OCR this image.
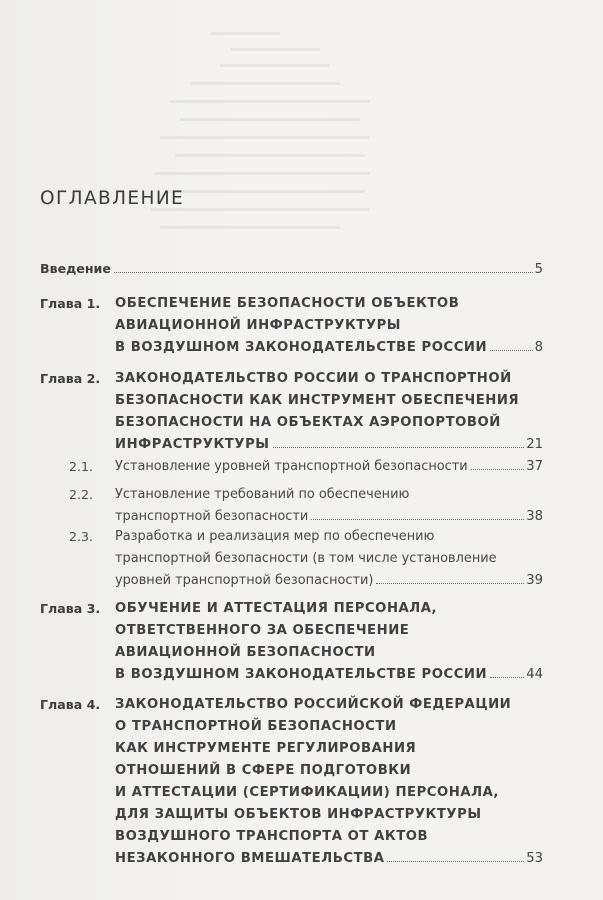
ОГЛАВЛЕНИЕ
Введение	5
Глава 1. ОБЕСПЕЧЕНИЕ БЕЗОПАСНОСТИ ОБЪЕКТОВ
АВИАЦИОННОЙ ИНФРАСТРУКТУРЫ
В ВОЗДУШНОМ ЗАКОНОДАТЕЛЬСТВЕ РОССИИ	8
Глава 2. ЗАКОНОДАТЕЛЬСТВО РОССИИ О ТРАНСПОРТНОЙ
БЕЗОПАСНОСТИ КАК ИНСТРУМЕНТ ОБЕСПЕЧЕНИЯ
БЕЗОПАСНОСТИ НА ОБЪЕКТАХ АЭРОПОРТОВОЙ
ИНФРАСТРУКТУРЫ	21
2.1. Установление уровней транспортной безопасности	37
2.2. Установление требований по обеспечению
транспортной безопасности	38
2.3. Разработка и реализация мер по обеспечению
транспортной безопасности (в том числе установление
уровней транспортной безопасности)	39
Глава 3. ОБУЧЕНИЕ И АТТЕСТАЦИЯ ПЕРСОНАЛА,
ОТВЕТСТВЕННОГО ЗА ОБЕСПЕЧЕНИЕ
АВИАЦИОННОЙ БЕЗОПАСНОСТИ
В ВОЗДУШНОМ ЗАКОНОДАТЕЛЬСТВЕ РОССИИ	44
Глава 4. ЗАКОНОДАТЕЛЬСТВО РОССИЙСКОЙ ФЕДЕРАЦИИ
О ТРАНСПОРТНОЙ БЕЗОПАСНОСТИ
КАК ИНСТРУМЕНТЕ РЕГУЛИРОВАНИЯ
ОТНОШЕНИЙ В СФЕРЕ ПОДГОТОВКИ
И АТТЕСТАЦИИ (СЕРТИФИКАЦИИ) ПЕРСОНАЛА,
ДЛЯ ЗАЩИТЫ ОБЪЕКТОВ ИНФРАСТРУКТУРЫ
ВОЗДУШНОГО ТРАНСПОРТА ОТ АКТОВ
НЕЗАКОННОГО ВМЕШАТЕЛЬСТВА	53
